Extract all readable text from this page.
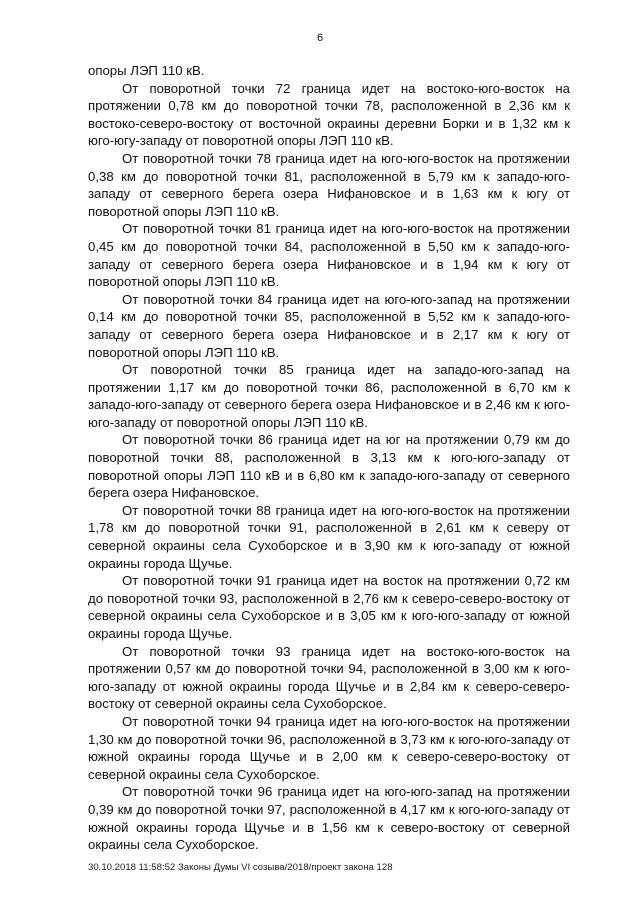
6

опоры ЛЭП 110 кВ.

От поворотной точки 72 граница идет на востоко-юго-восток на протяжении 0,78 км до поворотной точки 78, расположенной в 2,36 км к востоко-северо-востоку от восточной окраины деревни Борки и в 1,32 км к юго-югу-западу от поворотной опоры ЛЭП 110 кВ.

От поворотной точки 78 граница идет на юго-юго-восток на протяжении 0,38 км до поворотной точки 81, расположенной в 5,79 км к западо-юго-западу от северного берега озера Нифановское и в 1,63 км к югу от поворотной опоры ЛЭП 110 кВ.

От поворотной точки 81 граница идет на юго-юго-восток на протяжении 0,45 км до поворотной точки 84, расположенной в 5,50 км к западо-юго-западу от северного берега озера Нифановское и в 1,94 км к югу от поворотной опоры ЛЭП 110 кВ.

От поворотной точки 84 граница идет на юго-юго-запад на протяжении 0,14 км до поворотной точки 85, расположенной в 5,52 км к западо-юго-западу от северного берега озера Нифановское и в 2,17 км к югу от поворотной опоры ЛЭП 110 кВ.

От поворотной точки 85 граница идет на западо-юго-запад на протяжении 1,17 км до поворотной точки 86, расположенной в 6,70 км к западо-юго-западу от северного берега озера Нифановское и в 2,46 км к юго-юго-западу от поворотной опоры ЛЭП 110 кВ.

От поворотной точки 86 граница идет на юг на протяжении 0,79 км до поворотной точки 88, расположенной в 3,13 км к юго-юго-западу от поворотной опоры ЛЭП 110 кВ и в 6,80 км к западо-юго-западу от северного берега озера Нифановское.

От поворотной точки 88 граница идет на юго-юго-восток на протяжении 1,78 км до поворотной точки 91, расположенной в 2,61 км к северу от северной окраины села Сухоборское и в 3,90 км к юго-западу от южной окраины города Щучье.

От поворотной точки 91 граница идет на восток на протяжении 0,72 км до поворотной точки 93, расположенной в 2,76 км к северо-северо-востоку от северной окраины села Сухоборское и в 3,05 км к юго-юго-западу от южной окраины города Щучье.

От поворотной точки 93 граница идет на востоко-юго-восток на протяжении 0,57 км до поворотной точки 94, расположенной в 3,00 км к юго-юго-западу от южной окраины города Щучье и в 2,84 км к северо-северо-востоку от северной окраины села Сухоборское.

От поворотной точки 94 граница идет на юго-юго-восток на протяжении 1,30 км до поворотной точки 96, расположенной в 3,73 км к юго-юго-западу от южной окраины города Щучье и в 2,00 км к северо-северо-востоку от северной окраины села Сухоборское.

От поворотной точки 96 граница идет на юго-юго-запад на протяжении 0,39 км до поворотной точки 97, расположенной в 4,17 км к юго-юго-западу от южной окраины города Щучье и в 1,56 км к северо-востоку от северной окраины села Сухоборское.

30.10.2018 11:58:52 Законы Думы VI созыва/2018/проект закона 128
